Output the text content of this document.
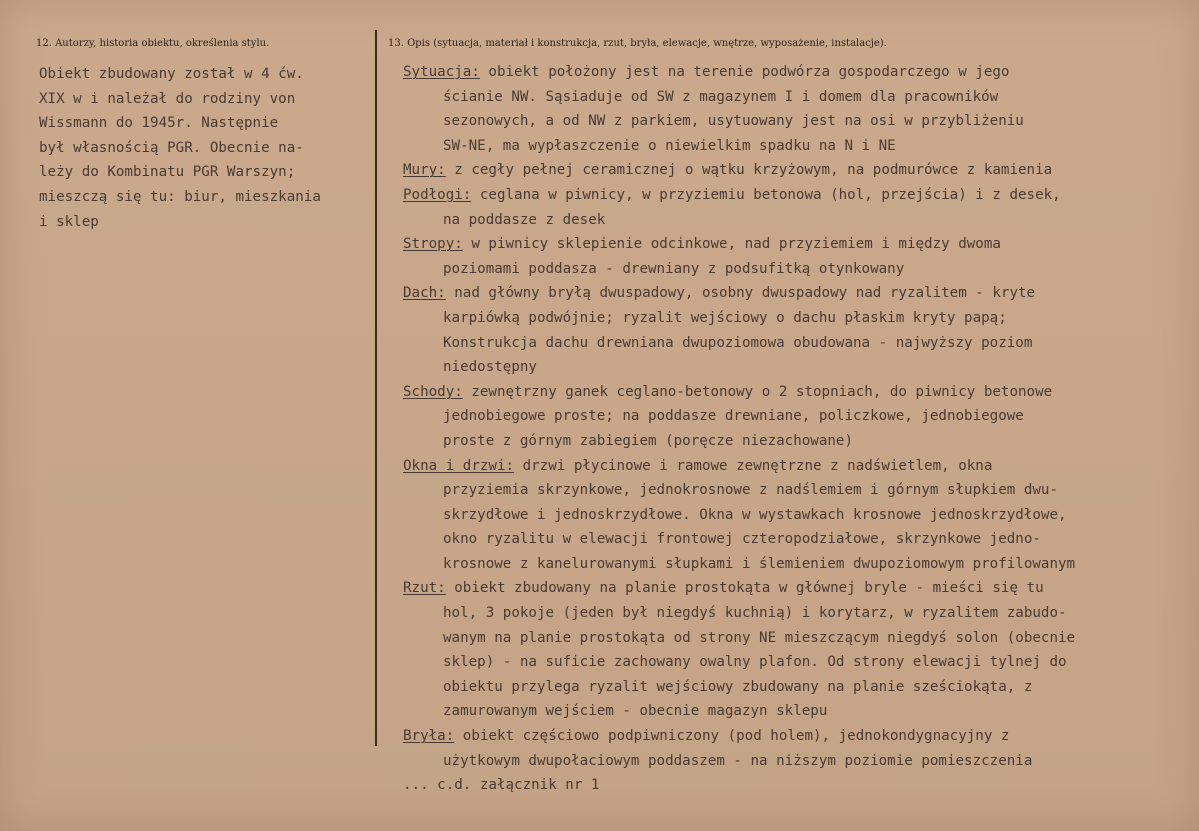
12. Autorzy, historia obiektu, określenia stylu.	13. Opis (sytuacja, materiał i konstrukcja, rzut, bryła, elewacje, wnętrze, wyposażenie, instalacje).
Obiekt zbudowany został w 4 ćw.
XIX w i należał do rodziny von
Wissmann do 1945r. Następnie
był własnością PGR. Obecnie na-
leży do Kombinatu PGR Warszyn;
mieszczą się tu: biur, mieszkania
i sklep
Sytuacja: obiekt położony jest na terenie podwórza gospodarczego w jego
ścianie NW. Sąsiaduje od SW z magazynem I i domem dla pracowników
sezonowych, a od NW z parkiem, usytuowany jest na osi w przybliżeniu
SW-NE, ma wypłaszczenie o niewielkim spadku na N i NE
Mury: z cegły pełnej ceramicznej o wątku krzyżowym, na podmurówce z kamienia
Podłogi: ceglana w piwnicy, w przyziemiu betonowa (hol, przejścia) i z desek,
na poddasze z desek
Stropy: w piwnicy sklepienie odcinkowe, nad przyziemiem i między dwoma
poziomami poddasza - drewniany z podsufitką otynkowany
Dach: nad główny bryłą dwuspadowy, osobny dwuspadowy nad ryzalitem - kryte
karpiówką podwójnie; ryzalit wejściowy o dachu płaskim kryty papą;
Konstrukcja dachu drewniana dwupoziomowa obudowana - najwyższy poziom
niedostępny
Schody: zewnętrzny ganek ceglano-betonowy o 2 stopniach, do piwnicy betonowe
jednobiegowe proste; na poddasze drewniane, policzkowe, jednobiegowe
proste z górnym zabiegiem (poręcze niezachowane)
Okna i drzwi: drzwi płycinowe i ramowe zewnętrzne z nadświetlem, okna
przyziemia skrzynkowe, jednokrosnowe z nadślemiem i górnym słupkiem dwu-
skrzydłowe i jednoskrzydłowe. Okna w wystawkach krosnowe jednoskrzydłowe,
okno ryzalitu w elewacji frontowej czteropodziałowe, skrzynkowe jedno-
krosnowe z kanelurowanymi słupkami i ślemieniem dwupoziomowym profilowanym
Rzut: obiekt zbudowany na planie prostokąta w głównej bryle - mieści się tu
hol, 3 pokoje (jeden był niegdyś kuchnią) i korytarz, w ryzalitem zabudo-
wanym na planie prostokąta od strony NE mieszczącym niegdyś solon (obecnie
sklep) - na suficie zachowany owalny plafon. Od strony elewacji tylnej do
obiektu przylega ryzalit wejściowy zbudowany na planie sześciokąta, z
zamurowanym wejściem - obecnie magazyn sklepu
Bryła: obiekt częściowo podpiwniczony (pod holem), jednokondygnacyjny z
użytkowym dwupołaciowym poddaszem - na niższym poziomie pomieszczenia
... c.d. załącznik nr 1
